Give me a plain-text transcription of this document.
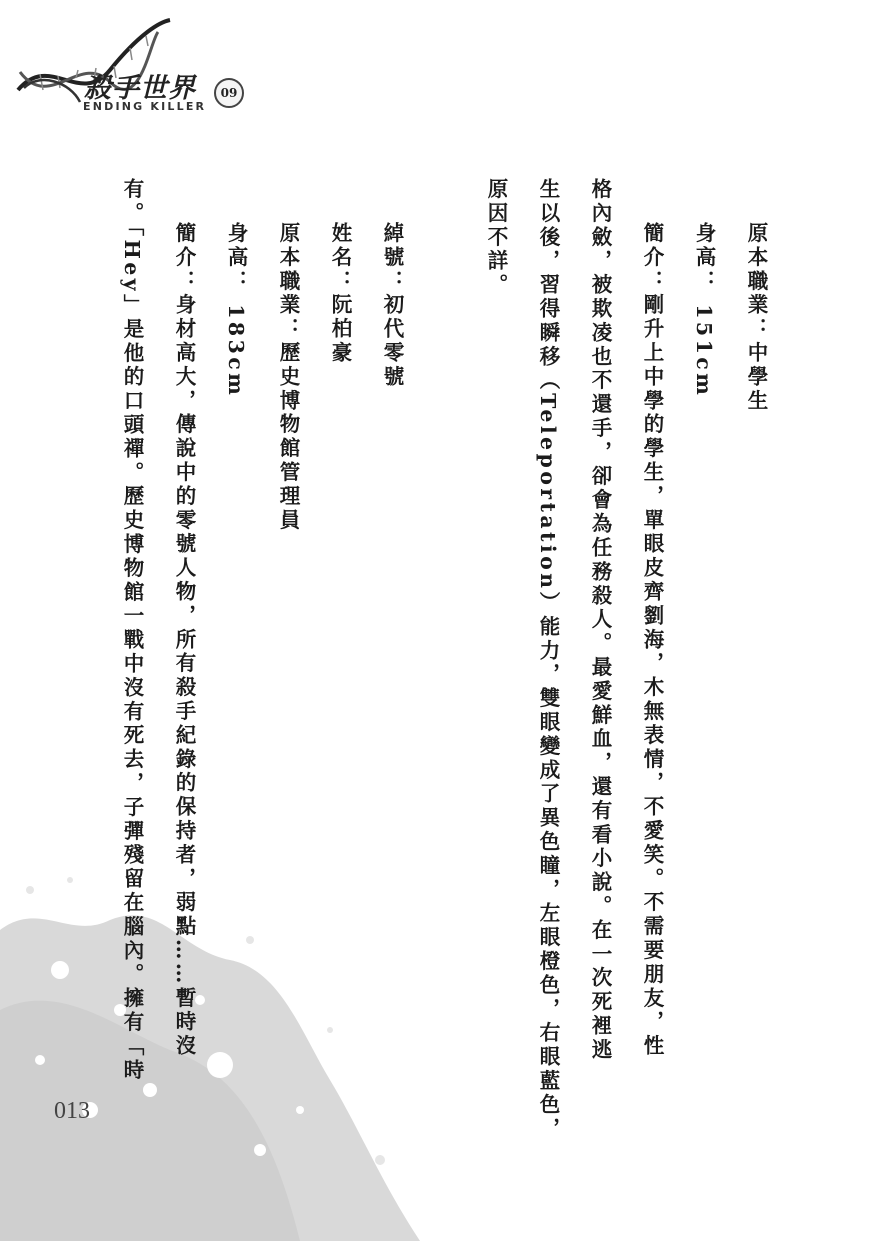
殺手世界
ENDING KILLER
09
原本職業：中學生
身高： 151cm
簡介：剛升上中學的學生，單眼皮齊劉海，木無表情，不愛笑。不需要朋友，性
格內斂，被欺凌也不還手，卻會為任務殺人。最愛鮮血，還有看小說。在一次死裡逃
生以後，習得瞬移（Teleportation）能力，雙眼變成了異色瞳，左眼橙色，右眼藍色，
原因不詳。
綽號：初代零號
姓名：阮柏豪
原本職業：歷史博物館管理員
身高： 183cm
簡介：身材高大，傳說中的零號人物，所有殺手紀錄的保持者，弱點……暫時沒
有。「Hey」是他的口頭禪。歷史博物館一戰中沒有死去，子彈殘留在腦內。擁有「時
013
